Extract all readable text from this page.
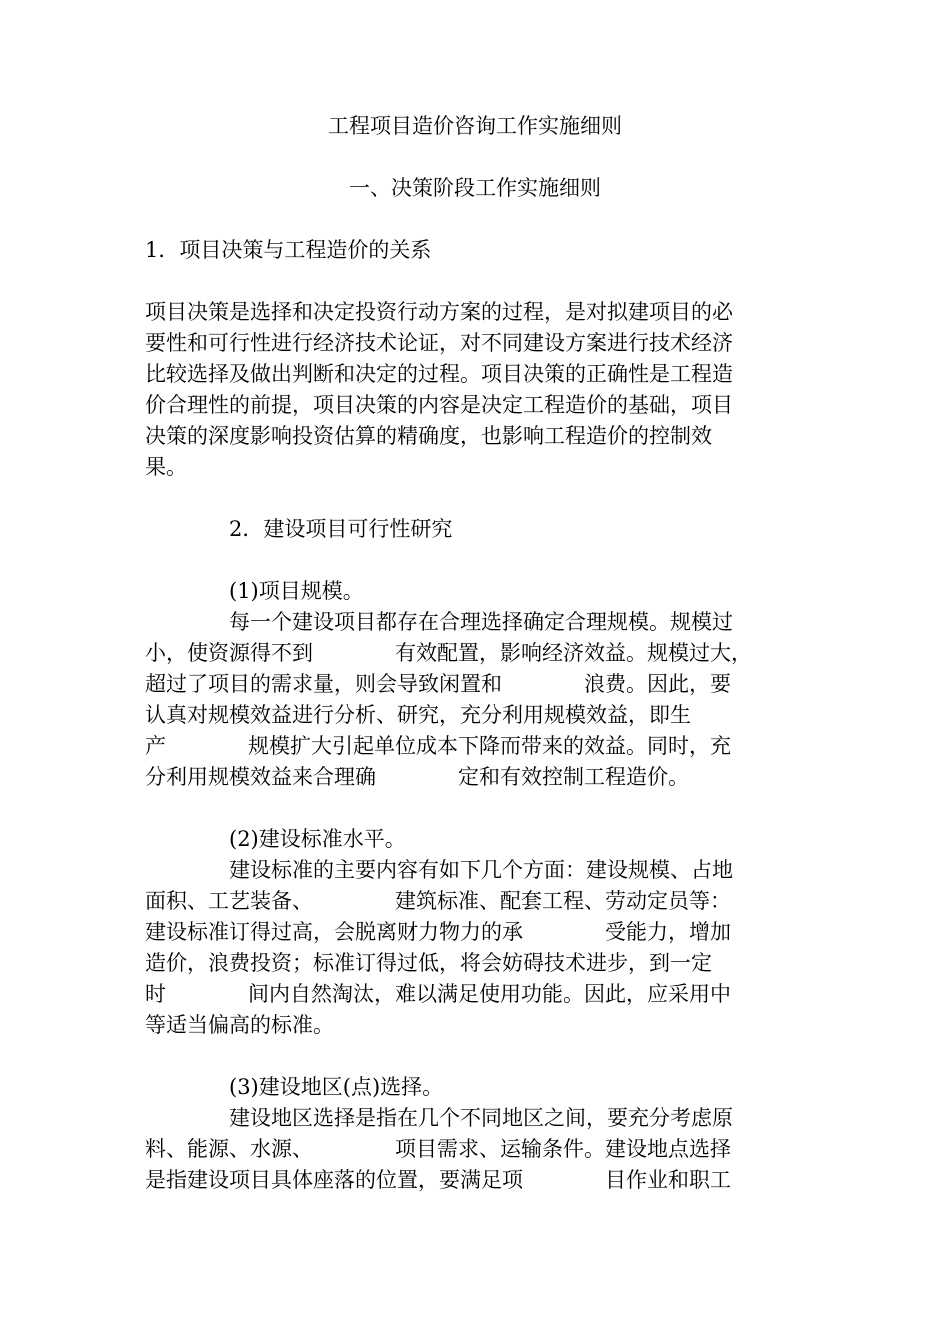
工程项目造价咨询工作实施细则
一、决策阶段工作实施细则

1．项目决策与工程造价的关系

项目决策是选择和决定投资行动方案的过程，是对拟建项目的必

要性和可行性进行经济技术论证，对不同建设方案进行技术经济

比较选择及做出判断和决定的过程。项目决策的正确性是工程造

价合理性的前提，项目决策的内容是决定工程造价的基础，项目

决策的深度影响投资估算的精确度，也影响工程造价的控制效

果。

2．建设项目可行性研究

(1)项目规模。

每一个建设项目都存在合理选择确定合理规模。规模过

小，使资源得不到	有效配置，影响经济效益。规模过大，

超过了项目的需求量，则会导致闲置和	浪费。因此，要

认真对规模效益进行分析、研究，充分利用规模效益，即生

产	规模扩大引起单位成本下降而带来的效益。同时，充

分利用规模效益来合理确	定和有效控制工程造价。

(2)建设标准水平。

建设标准的主要内容有如下几个方面：建设规模、占地

面积、工艺装备、	建筑标准、配套工程、劳动定员等：

建设标准订得过高，会脱离财力物力的承	受能力，增加

造价，浪费投资；标准订得过低，将会妨碍技术进步，到一定

时	间内自然淘汰，难以满足使用功能。因此，应采用中

等适当偏高的标准。

(3)建设地区(点)选择。

建设地区选择是指在几个不同地区之间，要充分考虑原

料、能源、水源、	项目需求、运输条件。建设地点选择

是指建设项目具体座落的位置，要满足项	目作业和职工
